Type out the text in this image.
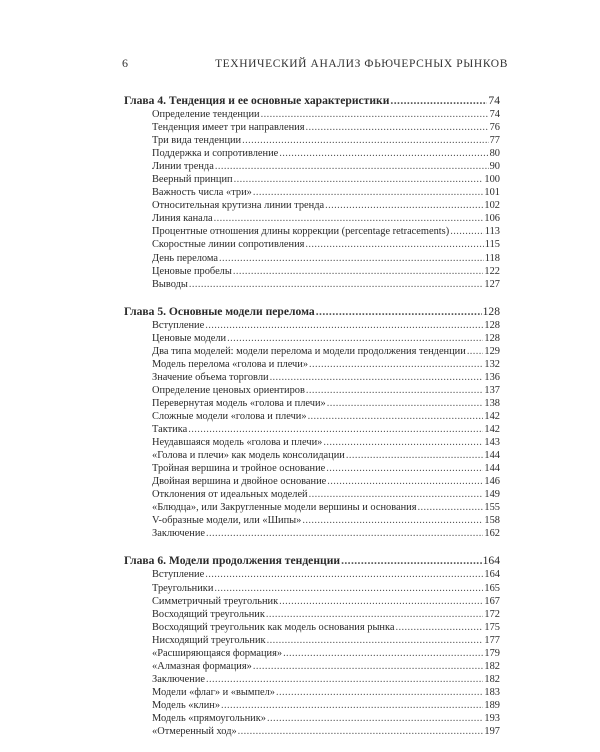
6	ТЕХНИЧЕСКИЙ АНАЛИЗ ФЬЮЧЕРСНЫХ РЫНКОВ
Глава 4. Тенденция и ее основные характеристики .....	74
Определение тенденции .....	74
Тенденция имеет три направления .....	76
Три вида тенденции .....	77
Поддержка и сопротивление .....	80
Линии тренда .....	90
Веерный принцип .....	100
Важность числа «три» .....	101
Относительная крутизна линии тренда .....	102
Линия канала .....	106
Процентные отношения длины коррекции (percentage retracements) .....	113
Скоростные линии сопротивления .....	115
День перелома .....	118
Ценовые пробелы .....	122
Выводы .....	127
Глава 5. Основные модели перелома .....	128
Вступление .....	128
Ценовые модели .....	128
Два типа моделей: модели перелома и модели продолжения тенденции ..... 129
Модель перелома «голова и плечи» .....	132
Значение объема торговли .....	136
Определение ценовых ориентиров .....	137
Перевернутая модель «голова и плечи» .....	138
Сложные модели «голова и плечи» .....	142
Тактика .....	142
Неудавшаяся модель «голова и плечи» .....	143
«Голова и плечи» как модель консолидации .....	144
Тройная вершина и тройное основание .....	144
Двойная вершина и двойное основание .....	146
Отклонения от идеальных моделей .....	149
«Блюдца», или Закругленные модели вершины и основания .....	155
V-образные модели, или «Шипы» .....	158
Заключение .....	162
Глава 6. Модели продолжения тенденции .....	164
Вступление .....	164
Треугольники .....	165
Симметричный треугольник .....	167
Восходящий треугольник .....	172
Восходящий треугольник как модель основания рынка .....	175
Нисходящий треугольник .....	177
«Расширяющаяся формация» .....	179
«Алмазная формация» .....	182
Заключение .....	182
Модели «флаг» и «вымпел» .....	183
Модель «клин» .....	189
Модель «прямоугольник» .....	193
«Отмеренный ход» .....	197
